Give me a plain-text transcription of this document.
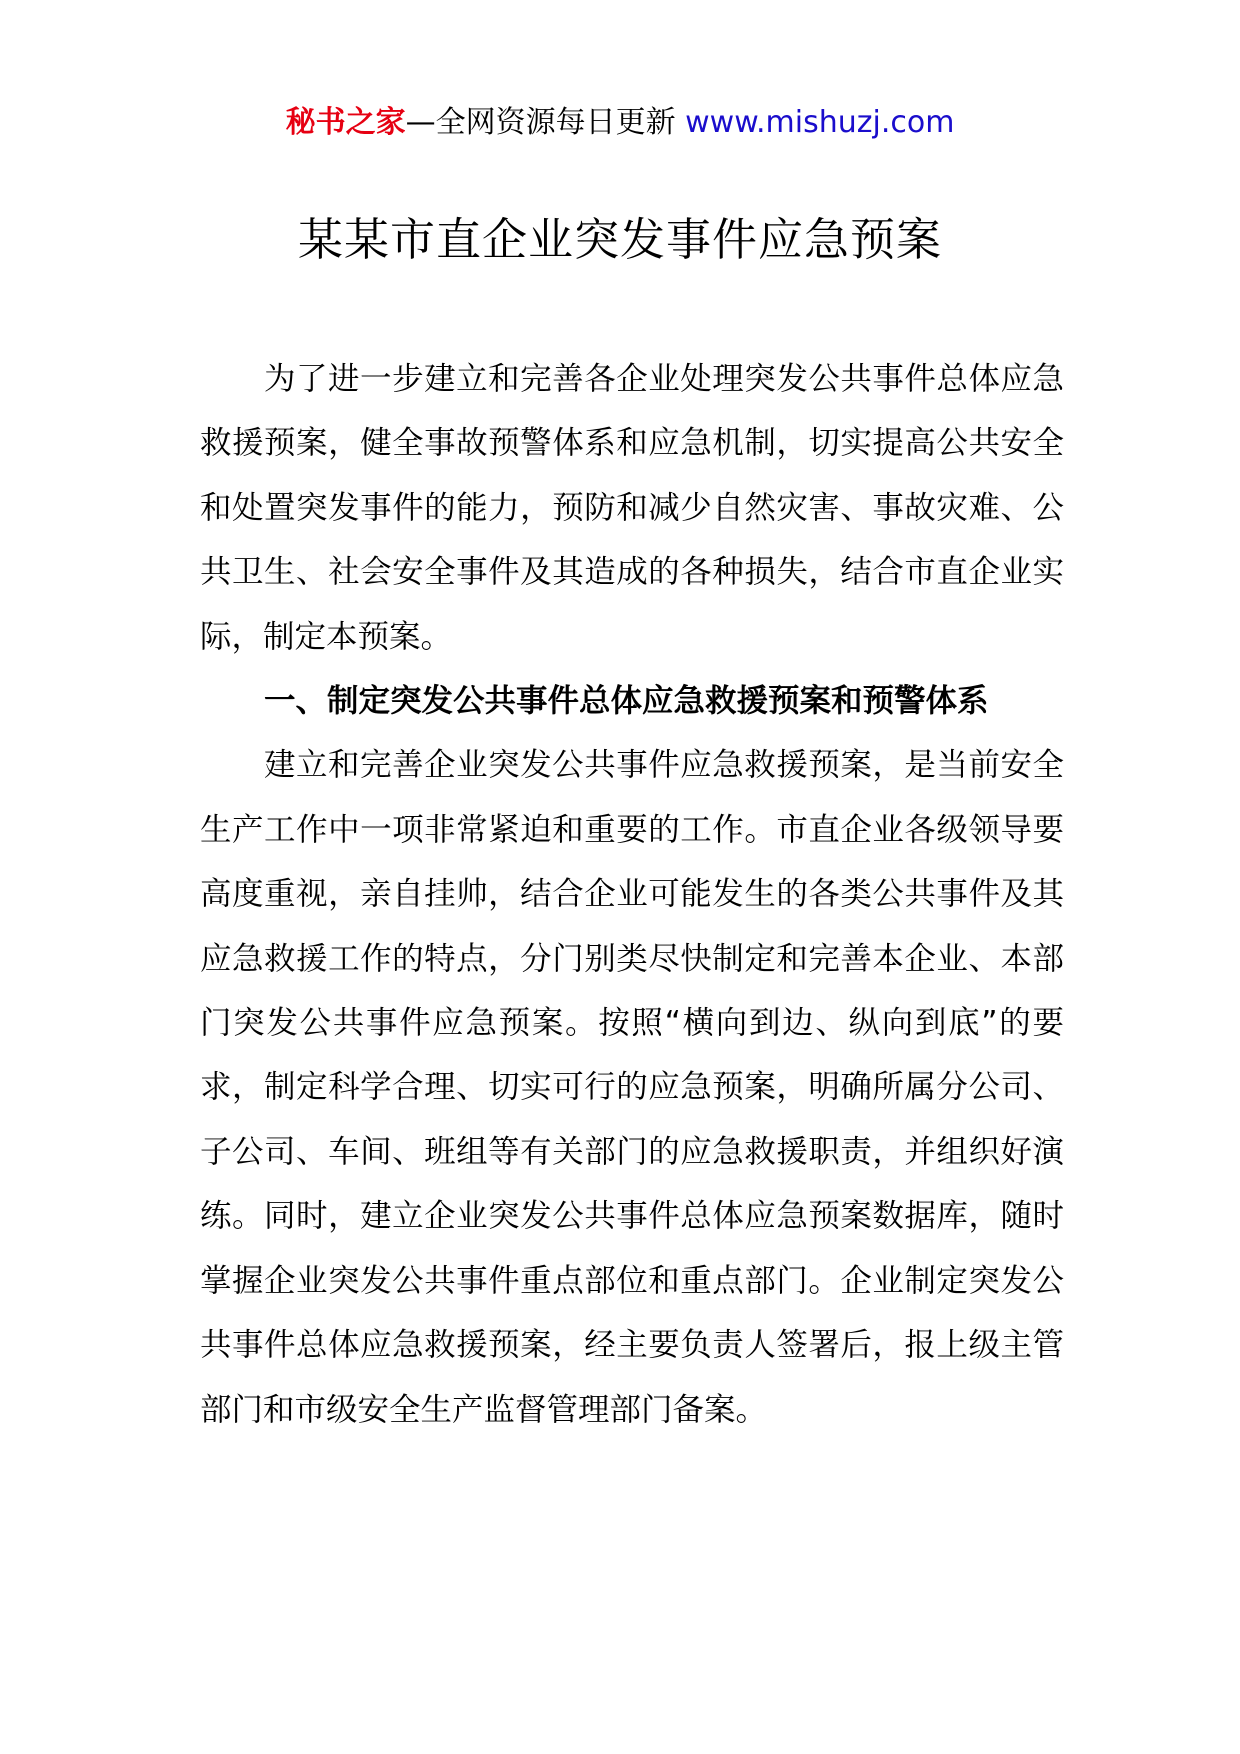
秘书之家—全网资源每日更新 www.mishuzj.com
某某市直企业突发事件应急预案

为了进一步建立和完善各企业处理突发公共事件总体应急救援预案，健全事故预警体系和应急机制，切实提高公共安全和处置突发事件的能力，预防和减少自然灾害、事故灾难、公共卫生、社会安全事件及其造成的各种损失，结合市直企业实际，制定本预案。

一、制定突发公共事件总体应急救援预案和预警体系

建立和完善企业突发公共事件应急救援预案，是当前安全生产工作中一项非常紧迫和重要的工作。市直企业各级领导要高度重视，亲自挂帅，结合企业可能发生的各类公共事件及其应急救援工作的特点，分门别类尽快制定和完善本企业、本部门突发公共事件应急预案。按照“横向到边、纵向到底”的要求，制定科学合理、切实可行的应急预案，明确所属分公司、子公司、车间、班组等有关部门的应急救援职责，并组织好演练。同时，建立企业突发公共事件总体应急预案数据库，随时掌握企业突发公共事件重点部位和重点部门。企业制定突发公共事件总体应急救援预案，经主要负责人签署后，报上级主管部门和市级安全生产监督管理部门备案。
